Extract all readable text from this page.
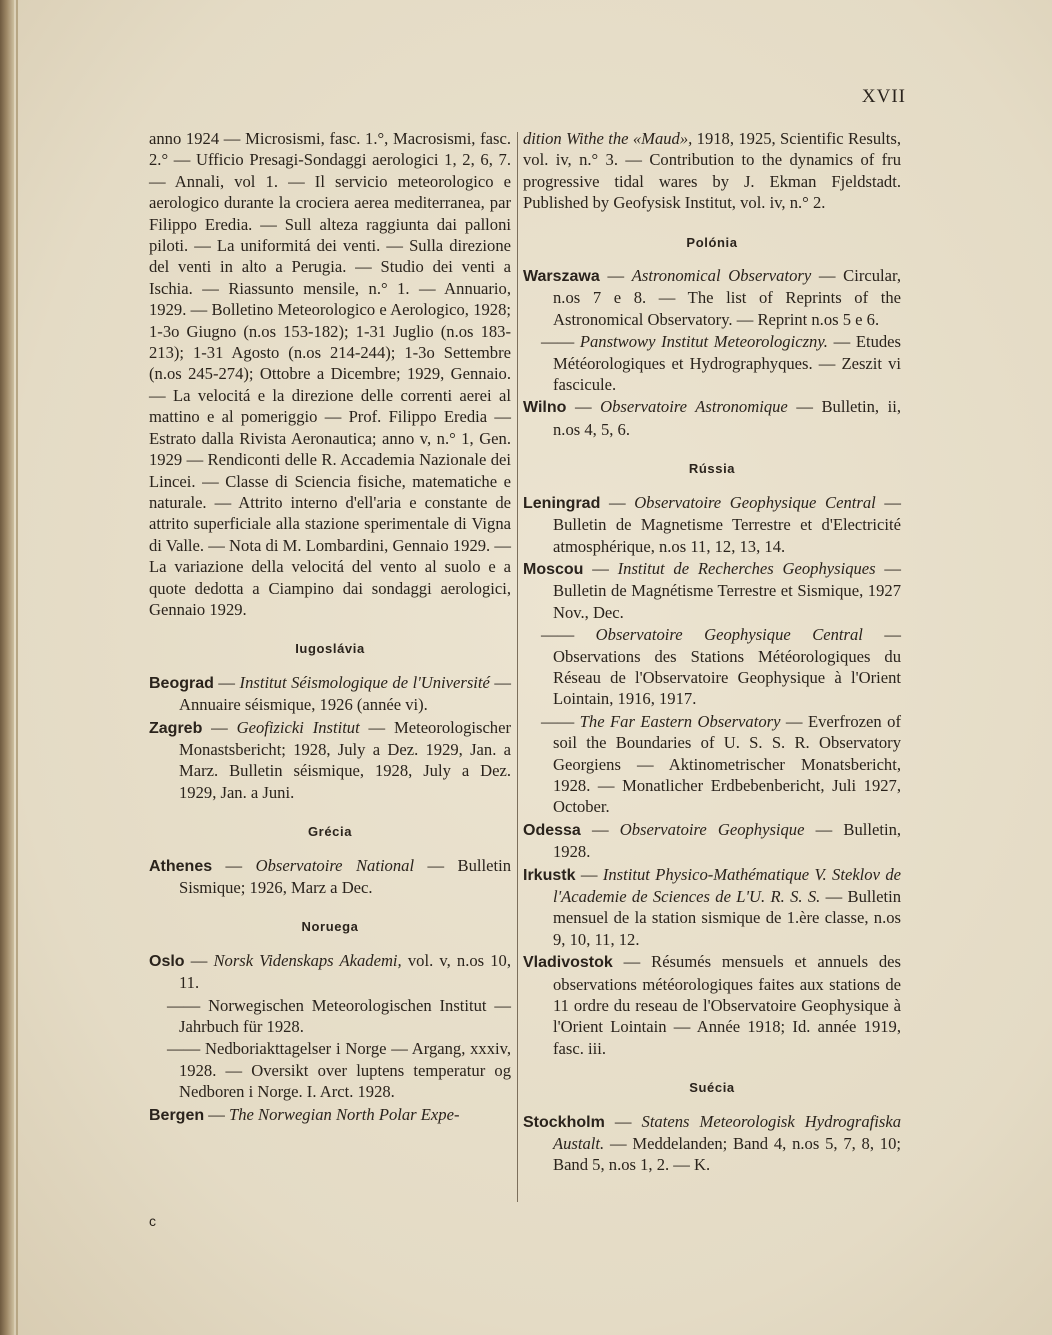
XVII

anno 1924 — Microsismi, fasc. 1.°, Macrosismi, fasc. 2.° — Ufficio Presagi-Sondaggi aerologici 1, 2, 6, 7. — Annali, vol 1. — Il servicio meteorologico e aerologico durante la crociera aerea mediterranea, par Filippo Eredia. — Sull alteza raggiunta dai palloni piloti. — La uniformitá dei venti. — Sulla direzione del venti in alto a Perugia. — Studio dei venti a Ischia. — Riassunto mensile, n.° 1. — Annuario, 1929. — Bolletino Meteorologico e Aerologico, 1928; 1-3o Giugno (n.os 153-182); 1-31 Juglio (n.os 183-213); 1-31 Agosto (n.os 214-244); 1-3o Settembre (n.os 245-274); Ottobre a Dicembre; 1929, Gennaio. — La velocitá e la direzione delle correnti aerei al mattino e al pomeriggio — Prof. Filippo Eredia — Estrato dalla Rivista Aeronautica; anno v, n.° 1, Gen. 1929 — Rendiconti delle R. Accademia Nazionale dei Lincei. — Classe di Sciencia fisiche, matematiche e naturale. — Attrito interno d'ell'aria e constante de attrito superficiale alla stazione sperimentale di Vigna di Valle. — Nota di M. Lombardini, Gennaio 1929. — La variazione della velocitá del vento al suolo e a quote dedotta a Ciampino dai sondaggi aerologici, Gennaio 1929.

Iugoslávia

Beograd — Institut Séismologique de l'Université — Annuaire séismique, 1926 (année vi).

Zagreb — Geofizicki Institut — Meteorologischer Monastsbericht; 1928, July a Dez. 1929, Jan. a Marz. Bulletin séismique, 1928, July a Dez. 1929, Jan. a Juni.

Grécia

Athenes — Observatoire National — Bulletin Sismique; 1926, Marz a Dec.

Noruega

Oslo — Norsk Videnskaps Akademi, vol. v, n.os 10, 11.

—— Norwegischen Meteorologischen Institut — Jahrbuch für 1928.

—— Nedboriakttagelser i Norge — Argang, xxxiv, 1928. — Oversikt over luptens temperatur og Nedboren i Norge. I. Arct. 1928.

Bergen — The Norwegian North Polar Expe-

dition Withe the «Maud», 1918, 1925, Scientific Results, vol. iv, n.° 3. — Contribution to the dynamics of fru progressive tidal wares by J. Ekman Fjeldstadt. Published by Geofysisk Institut, vol. iv, n.° 2.

Polónia

Warszawa — Astronomical Observatory — Circular, n.os 7 e 8. — The list of Reprints of the Astronomical Observatory. — Reprint n.os 5 e 6.

—— Panstwowy Institut Meteorologiczny. — Etudes Météorologiques et Hydrographyques. — Zeszit vi fascicule.

Wilno — Observatoire Astronomique — Bulletin, ii, n.os 4, 5, 6.

Rússia

Leningrad — Observatoire Geophysique Central — Bulletin de Magnetisme Terrestre et d'Electricité atmosphérique, n.os 11, 12, 13, 14.

Moscou — Institut de Recherches Geophysiques — Bulletin de Magnétisme Terrestre et Sismique, 1927 Nov., Dec.

—— Observatoire Geophysique Central — Observations des Stations Météorologiques du Réseau de l'Observatoire Geophysique à l'Orient Lointain, 1916, 1917.

—— The Far Eastern Observatory — Everfrozen of soil the Boundaries of U. S. S. R. Observatory Georgiens — Aktinometrischer Monatsbericht, 1928. — Monatlicher Erdbebenbericht, Juli 1927, October.

Odessa — Observatoire Geophysique — Bulletin, 1928.

Irkustk — Institut Physico-Mathématique V. Steklov de l'Academie de Sciences de L'U. R. S. S. — Bulletin mensuel de la station sismique de 1.ère classe, n.os 9, 10, 11, 12.

Vladivostok — Résumés mensuels et annuels des observations météorologiques faites aux stations de 11 ordre du reseau de l'Observatoire Geophysique à l'Orient Lointain — Année 1918; Id. année 1919, fasc. iii.

Suécia

Stockholm — Statens Meteorologisk Hydrografiska Austalt. — Meddelanden; Band 4, n.os 5, 7, 8, 10; Band 5, n.os 1, 2. — K.

c
